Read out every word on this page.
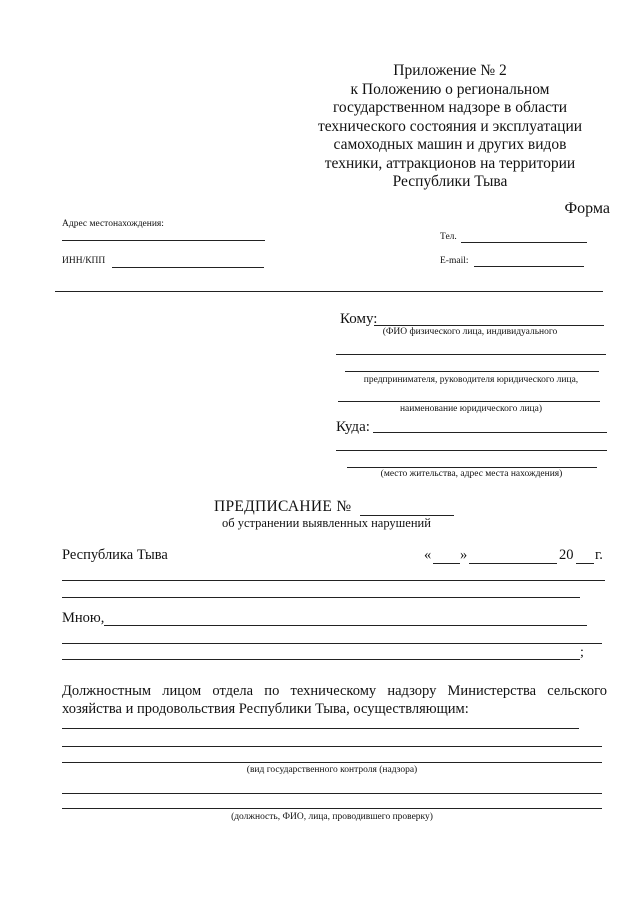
Приложение № 2
к Положению о региональном
государственном надзоре в области
технического состояния и эксплуатации
самоходных машин и других видов
техники, аттракционов на территории
Республики Тыва
Форма
Адрес местонахождения:
ИНН/КПП
Тел.
E-mail:
Кому:
(ФИО физического лица, индивидуального
предпринимателя, руководителя юридического лица,
наименование юридического лица)
Куда:
(место жительства, адрес места нахождения)
ПРЕДПИСАНИЕ №
об устранении выявленных нарушений
Республика Тыва	« »	20 г.
Мною,
;
Должностным лицом отдела по техническому надзору Министерства сельского хозяйства и продовольствия Республики Тыва, осуществляющим:
(вид государственного контроля (надзора)
(должность, ФИО, лица, проводившего проверку)
